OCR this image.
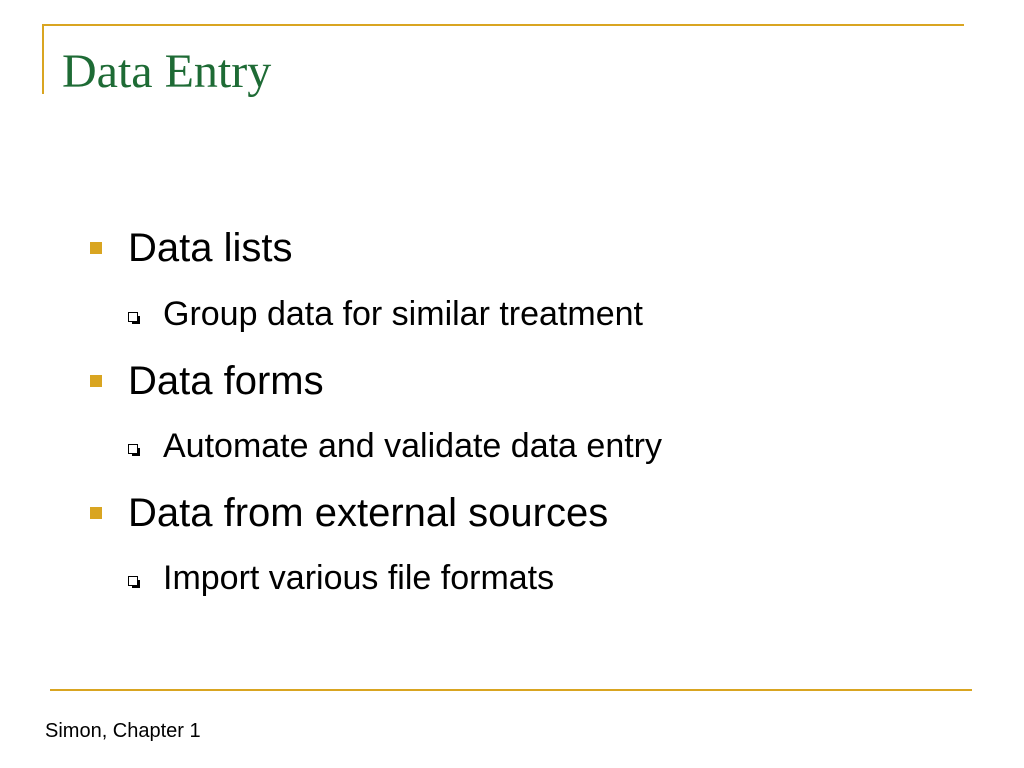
Data Entry
Data lists
Group data for similar treatment
Data forms
Automate and validate data entry
Data from external sources
Import various file formats
Simon, Chapter 1
